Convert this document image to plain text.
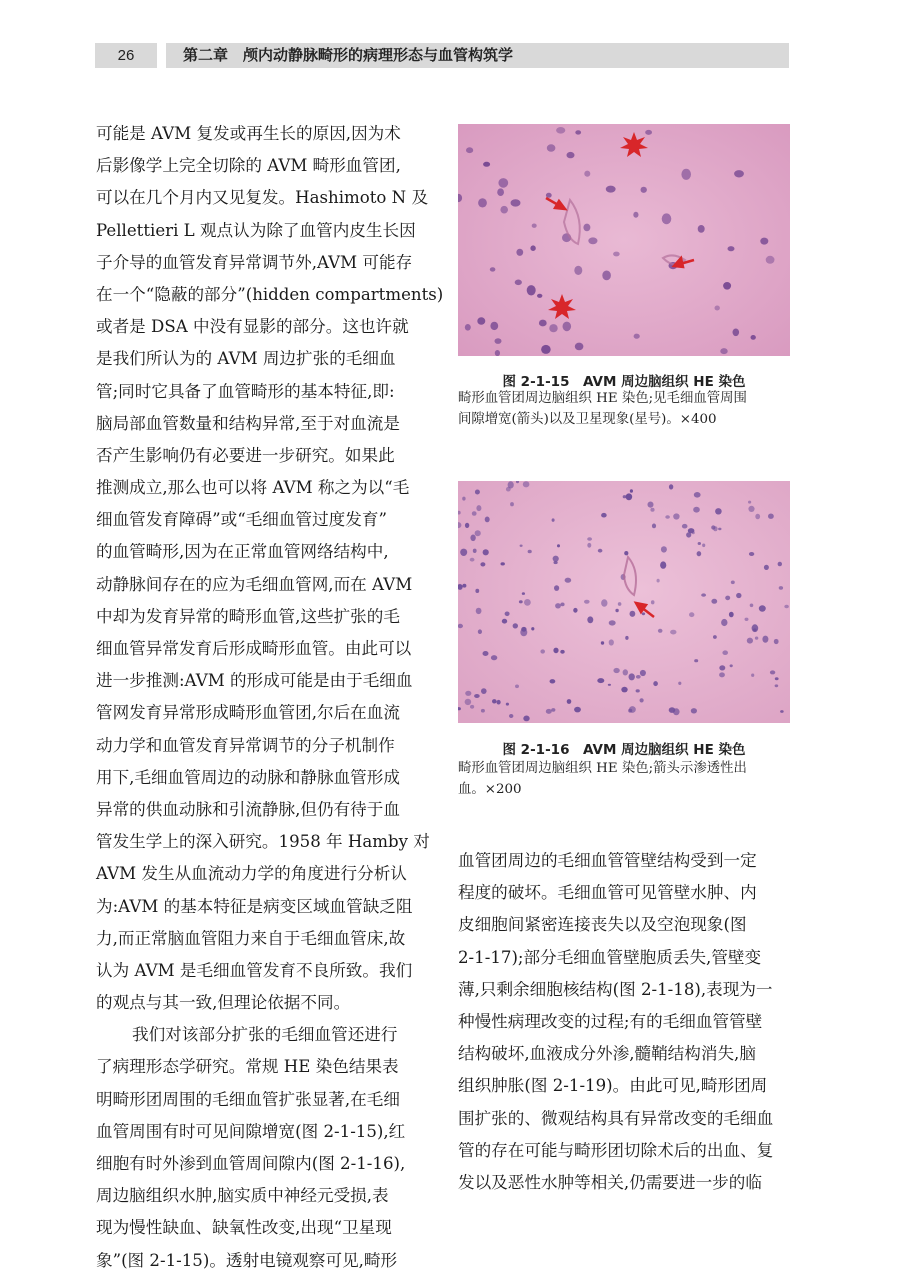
26	第二章　颅内动静脉畸形的病理形态与血管构筑学
可能是 AVM 复发或再生长的原因,因为术
后影像学上完全切除的 AVM 畸形血管团,
可以在几个月内又见复发。Hashimoto N 及
Pellettieri L 观点认为除了血管内皮生长因
子介导的血管发育异常调节外,AVM 可能存
在一个“隐蔽的部分”(hidden compartments)
或者是 DSA 中没有显影的部分。这也许就
是我们所认为的 AVM 周边扩张的毛细血
管;同时它具备了血管畸形的基本特征,即:
脑局部血管数量和结构异常,至于对血流是
否产生影响仍有必要进一步研究。如果此
推测成立,那么也可以将 AVM 称之为以“毛
细血管发育障碍”或“毛细血管过度发育”
的血管畸形,因为在正常血管网络结构中,
动静脉间存在的应为毛细血管网,而在 AVM
中却为发育异常的畸形血管,这些扩张的毛
细血管异常发育后形成畸形血管。由此可以
进一步推测:AVM 的形成可能是由于毛细血
管网发育异常形成畸形血管团,尔后在血流
动力学和血管发育异常调节的分子机制作
用下,毛细血管周边的动脉和静脉血管形成
异常的供血动脉和引流静脉,但仍有待于血
管发生学上的深入研究。1958 年 Hamby 对
AVM 发生从血流动力学的角度进行分析认
为:AVM 的基本特征是病变区域血管缺乏阻
力,而正常脑血管阻力来自于毛细血管床,故
认为 AVM 是毛细血管发育不良所致。我们
的观点与其一致,但理论依据不同。
我们对该部分扩张的毛细血管还进行
了病理形态学研究。常规 HE 染色结果表
明畸形团周围的毛细血管扩张显著,在毛细
血管周围有时可见间隙增宽(图 2-1-15),红
细胞有时外渗到血管周间隙内(图 2-1-16),
周边脑组织水肿,脑实质中神经元受损,表
现为慢性缺血、缺氧性改变,出现“卫星现
象”(图 2-1-15)。透射电镜观察可见,畸形
图 2-1-15　AVM 周边脑组织 HE 染色
畸形血管团周边脑组织 HE 染色;见毛细血管周围
间隙增宽(箭头)以及卫星现象(星号)。×400
图 2-1-16　AVM 周边脑组织 HE 染色
畸形血管团周边脑组织 HE 染色;箭头示渗透性出
血。×200
血管团周边的毛细血管管壁结构受到一定
程度的破坏。毛细血管可见管壁水肿、内
皮细胞间紧密连接丧失以及空泡现象(图
2-1-17);部分毛细血管壁胞质丢失,管壁变
薄,只剩余细胞核结构(图 2-1-18),表现为一
种慢性病理改变的过程;有的毛细血管管壁
结构破坏,血液成分外渗,髓鞘结构消失,脑
组织肿胀(图 2-1-19)。由此可见,畸形团周
围扩张的、微观结构具有异常改变的毛细血
管的存在可能与畸形团切除术后的出血、复
发以及恶性水肿等相关,仍需要进一步的临
